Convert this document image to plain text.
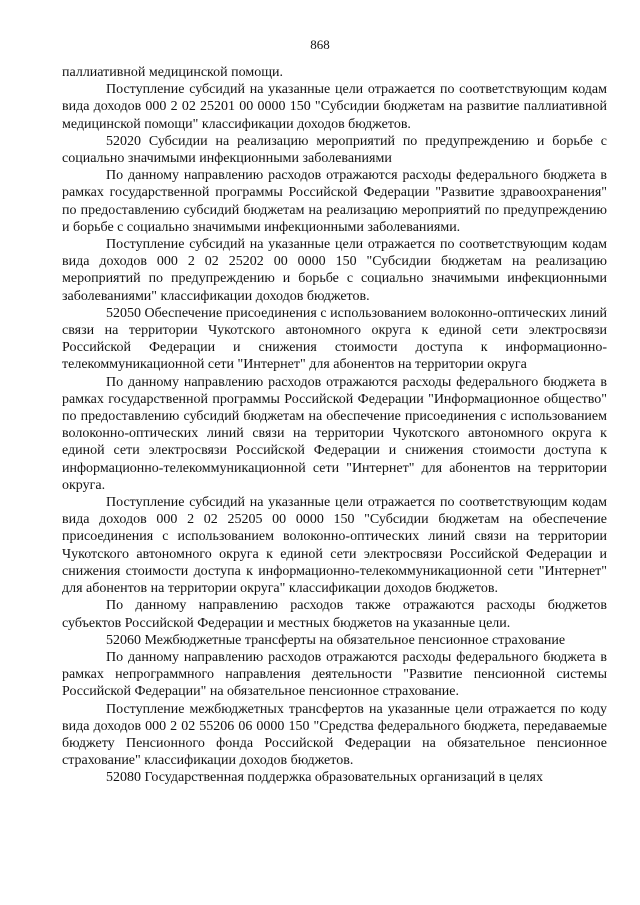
868

паллиативной медицинской помощи.

Поступление субсидий на указанные цели отражается по соответствующим кодам вида доходов 000 2 02 25201 00 0000 150 "Субсидии бюджетам на развитие паллиативной медицинской помощи" классификации доходов бюджетов.

52020 Субсидии на реализацию мероприятий по предупреждению и борьбе с социально значимыми инфекционными заболеваниями

По данному направлению расходов отражаются расходы федерального бюджета в рамках государственной программы Российской Федерации "Развитие здравоохранения" по предоставлению субсидий бюджетам на реализацию мероприятий по предупреждению и борьбе с социально значимыми инфекционными заболеваниями.

Поступление субсидий на указанные цели отражается по соответствующим кодам вида доходов 000 2 02 25202 00 0000 150 "Субсидии бюджетам на реализацию мероприятий по предупреждению и борьбе с социально значимыми инфекционными заболеваниями" классификации доходов бюджетов.

52050 Обеспечение присоединения с использованием волоконно-оптических линий связи на территории Чукотского автономного округа к единой сети электросвязи Российской Федерации и снижения стоимости доступа к информационно-телекоммуникационной сети "Интернет" для абонентов на территории округа

По данному направлению расходов отражаются расходы федерального бюджета в рамках государственной программы Российской Федерации "Информационное общество" по предоставлению субсидий бюджетам на обеспечение присоединения с использованием волоконно-оптических линий связи на территории Чукотского автономного округа к единой сети электросвязи Российской Федерации и снижения стоимости доступа к информационно-телекоммуникационной сети "Интернет" для абонентов на территории округа.

Поступление субсидий на указанные цели отражается по соответствующим кодам вида доходов 000 2 02 25205 00 0000 150 "Субсидии бюджетам на обеспечение присоединения с использованием волоконно-оптических линий связи на территории Чукотского автономного округа к единой сети электросвязи Российской Федерации и снижения стоимости доступа к информационно-телекоммуникационной сети "Интернет" для абонентов на территории округа" классификации доходов бюджетов.

По данному направлению расходов также отражаются расходы бюджетов субъектов Российской Федерации и местных бюджетов на указанные цели.

52060 Межбюджетные трансферты на обязательное пенсионное страхование

По данному направлению расходов отражаются расходы федерального бюджета в рамках непрограммного направления деятельности "Развитие пенсионной системы Российской Федерации" на обязательное пенсионное страхование.

Поступление межбюджетных трансфертов на указанные цели отражается по коду вида доходов 000 2 02 55206 06 0000 150 "Средства федерального бюджета, передаваемые бюджету Пенсионного фонда Российской Федерации на обязательное пенсионное страхование" классификации доходов бюджетов.

52080 Государственная поддержка образовательных организаций в целях
